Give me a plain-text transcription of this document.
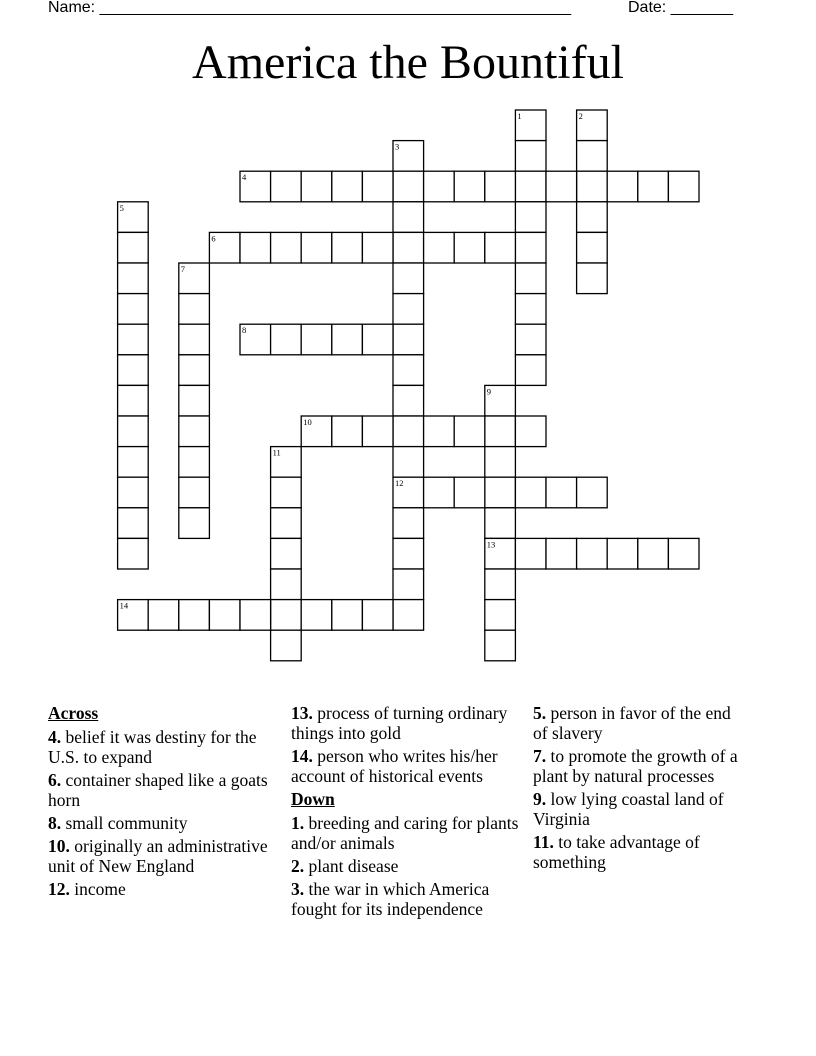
Name: _____________________________________________________	Date: _______
America the Bountiful
1	2
3
4
5
6
7
8
9
10
11
12
13
14
Across
4. belief it was destiny for the U.S. to expand
6. container shaped like a goats horn
8. small community
10. originally an administrative unit of New England
12. income
13. process of turning ordinary things into gold
14. person who writes his/her account of historical events
Down
1. breeding and caring for plants and/or animals
2. plant disease
3. the war in which America fought for its independence
5. person in favor of the end of slavery
7. to promote the growth of a plant by natural processes
9. low lying coastal land of Virginia
11. to take advantage of something
